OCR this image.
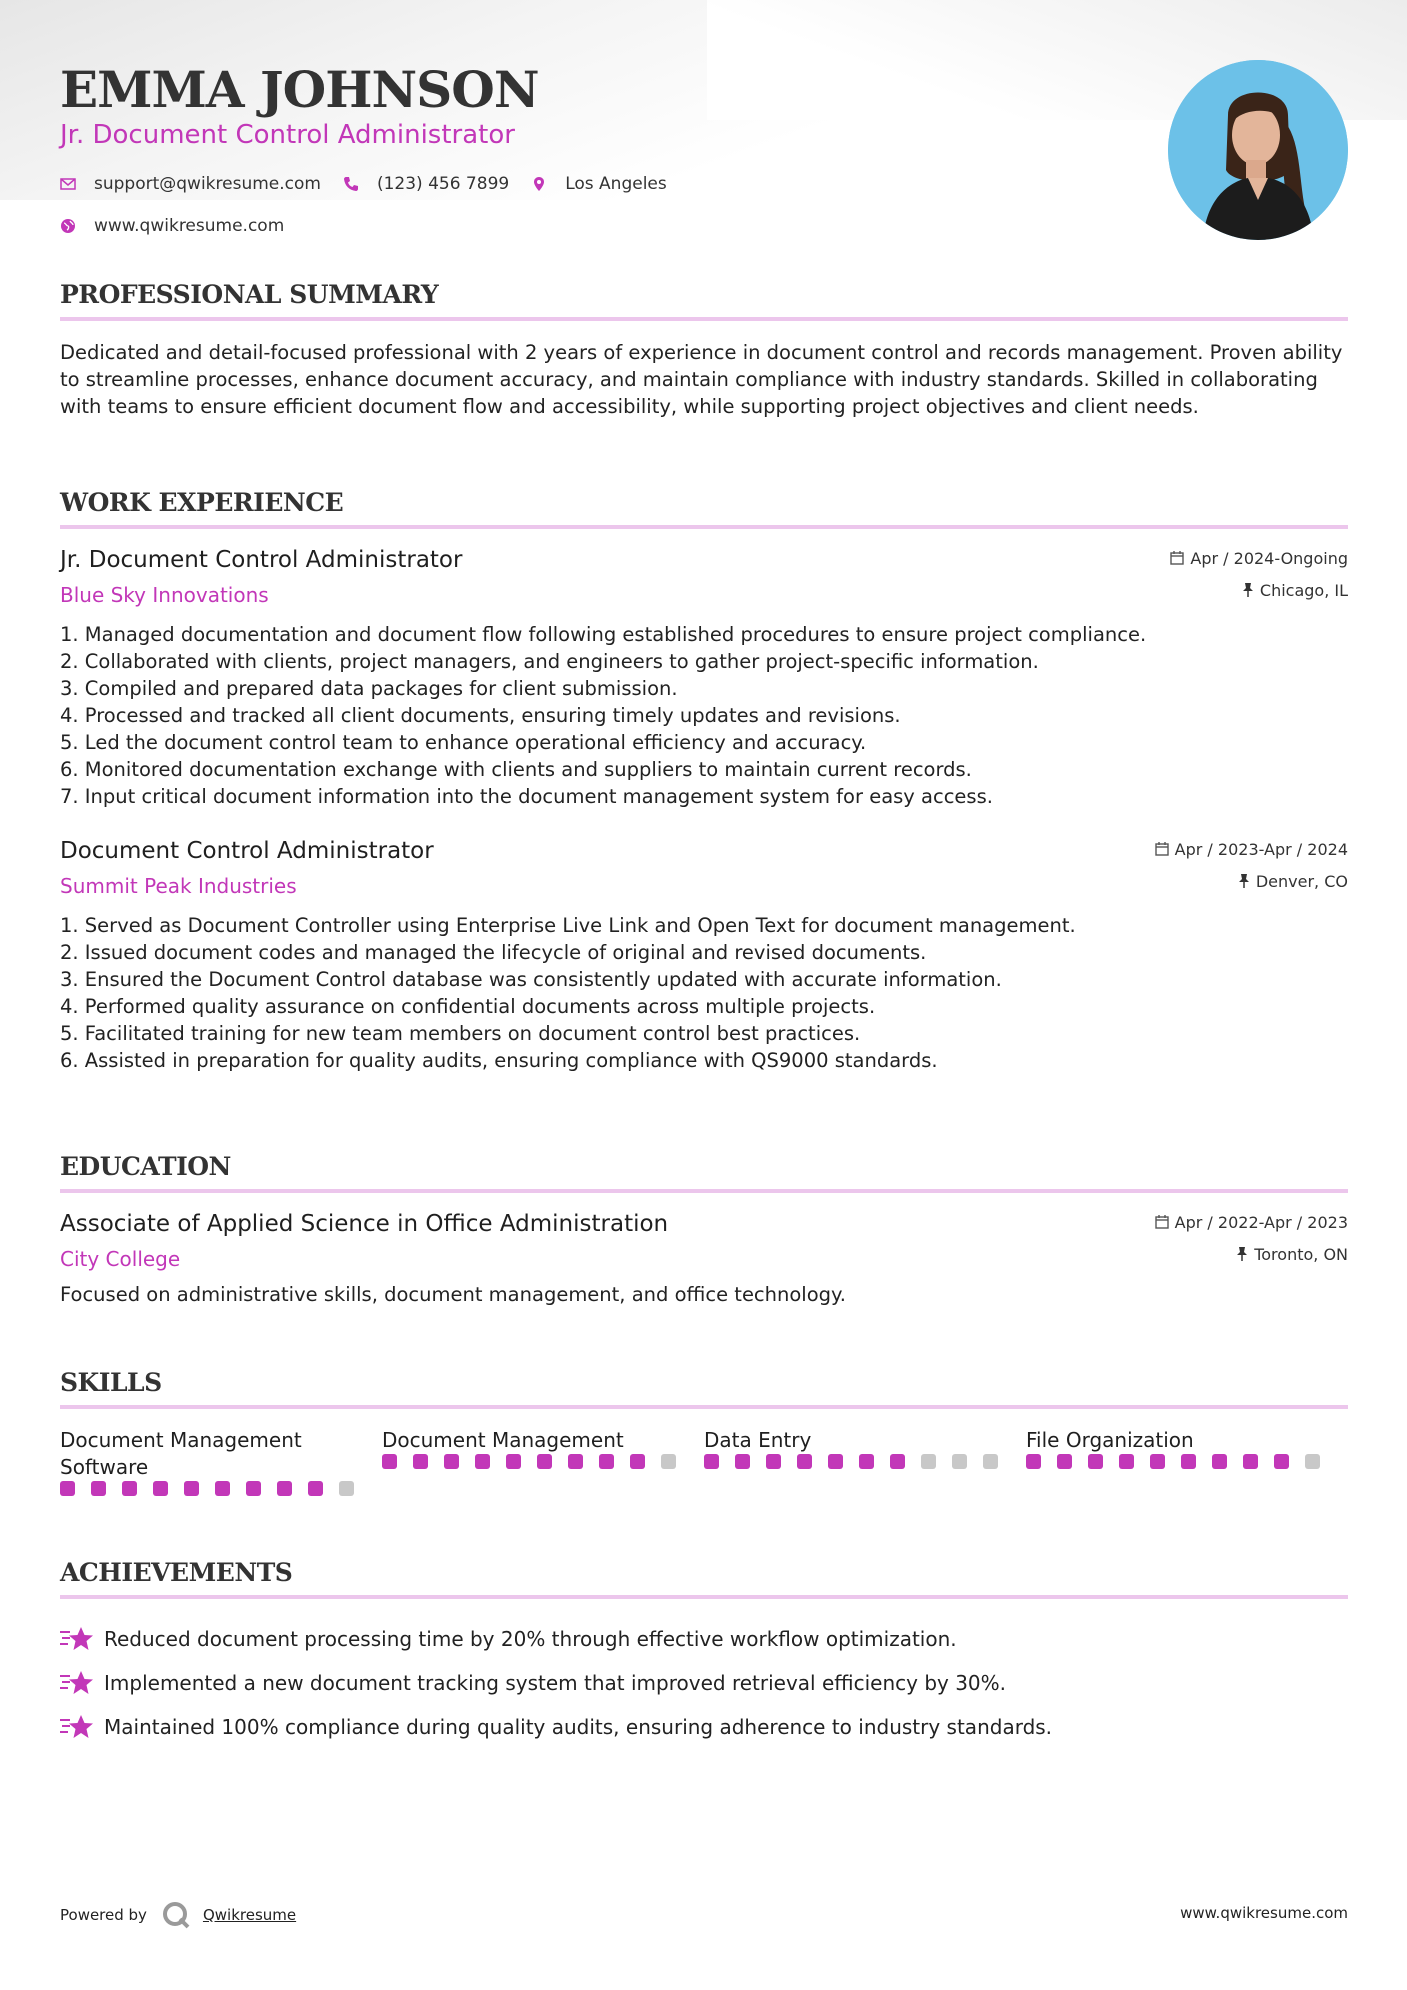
EMMA JOHNSON
Jr. Document Control Administrator
support@qwikresume.com	(123) 456 7899	Los Angeles
www.qwikresume.com
PROFESSIONAL SUMMARY
Dedicated and detail-focused professional with 2 years of experience in document control and records management. Proven ability to streamline processes, enhance document accuracy, and maintain compliance with industry standards. Skilled in collaborating with teams to ensure efficient document flow and accessibility, while supporting project objectives and client needs.
WORK EXPERIENCE
Jr. Document Control Administrator
Blue Sky Innovations
Apr / 2024-Ongoing
Chicago, IL
1. Managed documentation and document flow following established procedures to ensure project compliance.
2. Collaborated with clients, project managers, and engineers to gather project-specific information.
3. Compiled and prepared data packages for client submission.
4. Processed and tracked all client documents, ensuring timely updates and revisions.
5. Led the document control team to enhance operational efficiency and accuracy.
6. Monitored documentation exchange with clients and suppliers to maintain current records.
7. Input critical document information into the document management system for easy access.
Document Control Administrator
Summit Peak Industries
Apr / 2023-Apr / 2024
Denver, CO
1. Served as Document Controller using Enterprise Live Link and Open Text for document management.
2. Issued document codes and managed the lifecycle of original and revised documents.
3. Ensured the Document Control database was consistently updated with accurate information.
4. Performed quality assurance on confidential documents across multiple projects.
5. Facilitated training for new team members on document control best practices.
6. Assisted in preparation for quality audits, ensuring compliance with QS9000 standards.
EDUCATION
Associate of Applied Science in Office Administration
City College
Apr / 2022-Apr / 2023
Toronto, ON
Focused on administrative skills, document management, and office technology.
SKILLS
Document Management Software
Document Management	Data Entry	File Organization
ACHIEVEMENTS
Reduced document processing time by 20% through effective workflow optimization.
Implemented a new document tracking system that improved retrieval efficiency by 30%.
Maintained 100% compliance during quality audits, ensuring adherence to industry standards.
Powered by	Qwikresume	www.qwikresume.com
